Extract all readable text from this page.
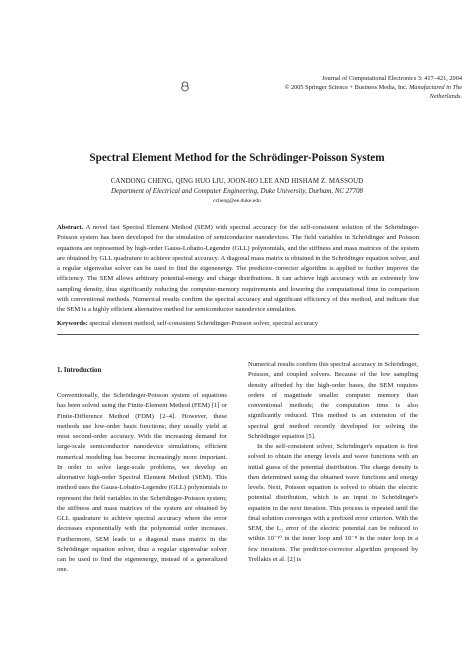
Journal of Computational Electronics 3: 417–421, 2004
© 2005 Springer Science + Business Media, Inc. Manufactured in The Netherlands.
Spectral Element Method for the Schrödinger-Poisson System
CANDONG CHENG, QING HUO LIU, JOON-HO LEE AND HISHAM Z. MASSOUD
Department of Electrical and Computer Engineering, Duke University, Durham, NC 27708
ccheng@ee.duke.edu
Abstract. A novel fast Spectral Element Method (SEM) with spectral accuracy for the self-consistent solution of the Schrödinger-Poisson system has been developed for the simulation of semiconductor nanodevices. The field variables in Schrödinger and Poisson equations are represented by high-order Gauss-Lobatto-Legendre (GLL) polynomials, and the stiffness and mass matrices of the system are obtained by GLL quadrature to achieve spectral accuracy. A diagonal mass matrix is obtained in the Schrödinger equation solver, and a regular eigenvalue solver can be used to find the eigenenergy. The predictor-corrector algorithm is applied to further improve the efficiency. The SEM allows arbitrary potential-energy and charge distributions. It can achieve high accuracy with an extremely low sampling density, thus significantly reducing the computer-memory requirements and lowering the computational time in comparison with conventional methods. Numerical results confirm the spectral accuracy and significant efficiency of this method, and indicate that the SEM is a highly efficient alternative method for semiconductor nanodevice simulation.
Keywords: spectral element method, self-consistent Schrödinger-Poisson solver, spectral accuracy
1. Introduction

Conventionally, the Schrödinger-Poisson system of equations has been solved using the Finite-Element Method (FEM) [1] or Finite-Difference Method (FDM) [2–4]. However, these methods use low-order basis functions; they usually yield at most second-order accuracy. With the increasing demand for large-scale semiconductor nanodevice simulations, efficient numerical modeling has become increasingly more important. In order to solve large-scale problems, we develop an alternative high-order Spectral Element Method (SEM). This method uses the Gauss-Lobatto-Legendre (GLL) polynomials to represent the field variables in the Schrödinger-Poisson system; the stiffness and mass matrices of the system are obtained by GLL quadrature to achieve spectral accuracy where the error decreases exponentially with the polynomial order increases. Furthermore, SEM leads to a diagonal mass matrix in the Schrödinger equation solver, thus a regular eigenvalue solver can be used to find the eigenenergy, instead of a generalized one.

Numerical results confirm this spectral accuracy in Schrödinger, Poisson, and coupled solvers. Because of the low sampling density afforded by the high-order bases, the SEM requires orders of magnitude smaller computer memory than conventional methods; the computation time is also significantly reduced. This method is an extension of the spectral grid method recently developed for solving the Schrödinger equation [5].

In the self-consistent solver, Schrödinger's equation is first solved to obtain the energy levels and wave functions with an initial guess of the potential distribution. The charge density is then determined using the obtained wave functions and energy levels. Next, Poisson equation is solved to obtain the electric potential distribution, which is an input to Schrödinger's equation in the next iteration. This process is repeated until the final solution converges with a prefixed error criterion. With the SEM, the L₂ error of the electric potential can be reduced to within 10⁻¹⁰ in the inner loop and 10⁻⁸ in the outer loop in a few iterations. The predictor-corrector algorithm proposed by Trellakis et al. [2] is
